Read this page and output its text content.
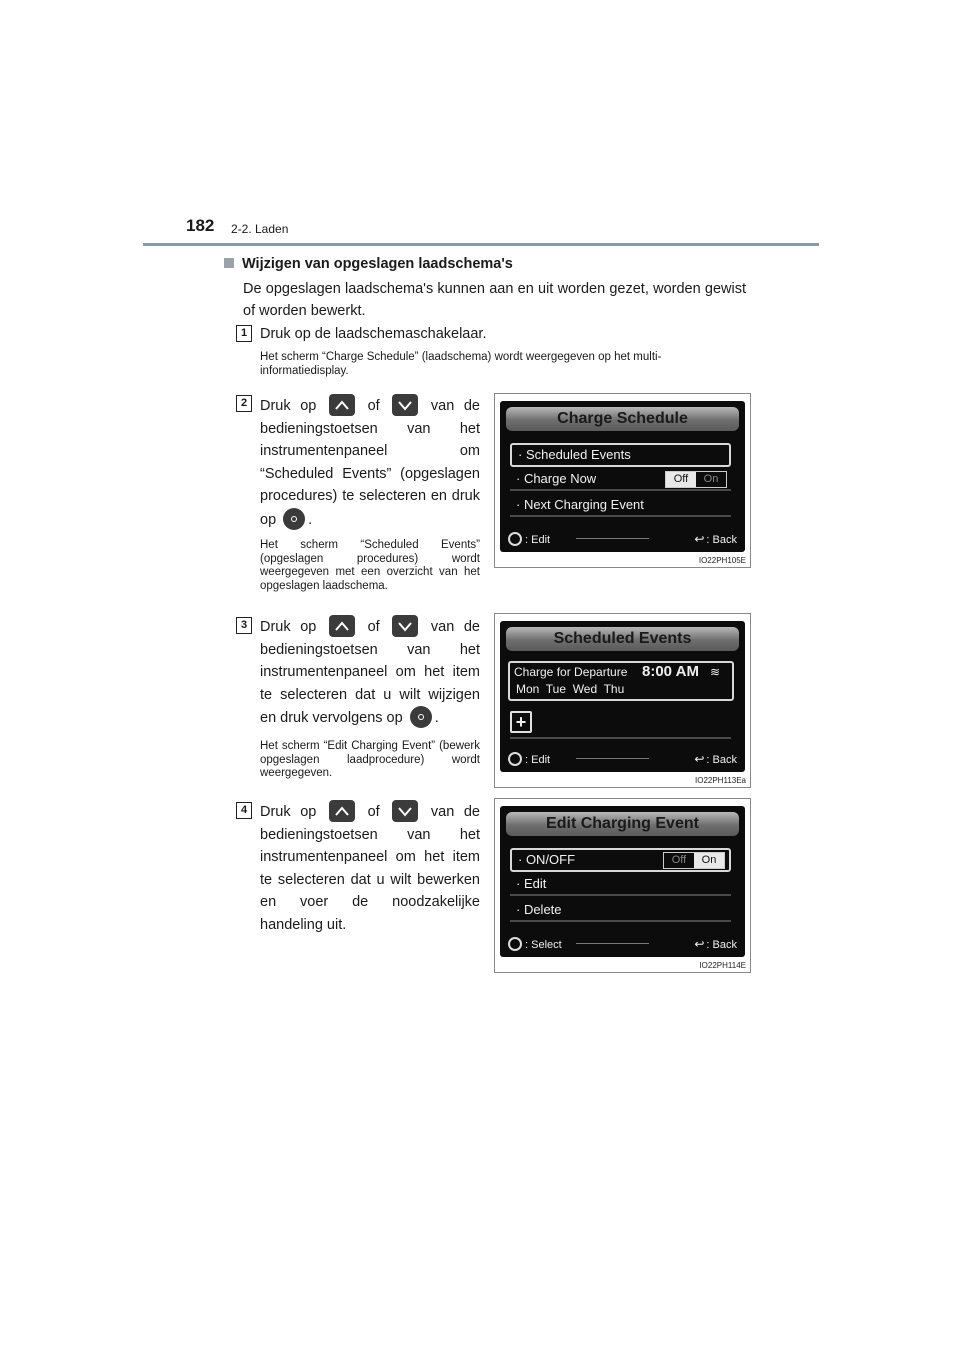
182 2-2. Laden
Wijzigen van opgeslagen laadschema's
De opgeslagen laadschema's kunnen aan en uit worden gezet, worden gewist of worden bewerkt.
1 Druk op de laadschemaschakelaar.
Het scherm “Charge Schedule” (laadschema) wordt weergegeven op het multi-informatiedisplay.
2 Druk op	of	van de bedieningstoetsen van het instrumentenpaneel om “Scheduled Events” (opgeslagen procedures) te selecteren en druk op .
Het scherm “Scheduled Events” (opgeslagen procedures) wordt weergegeven met een overzicht van het opgeslagen laadschema.
Charge Schedule
· Scheduled Events
· Charge Now	Off On
· Next Charging Event
: Edit	↩ : Back
IO22PH105E
3 Druk op	of	van de bedieningstoetsen van het instrumentenpaneel om het item te selecteren dat u wilt wijzigen en druk vervolgens op .
Het scherm “Edit Charging Event” (bewerk opgeslagen laadprocedure) wordt weergegeven.
Scheduled Events
Charge for Departure 8:00 AM ≋
Mon  Tue  Wed  Thu
+
: Edit	↩ : Back
IO22PH113Ea
4 Druk op	of	van de bedieningstoetsen van het instrumentenpaneel om het item te selecteren dat u wilt bewerken en voer de noodzakelijke handeling uit.
Edit Charging Event
· ON/OFF	Off On
· Edit
· Delete
: Select	↩ : Back
IO22PH114E
